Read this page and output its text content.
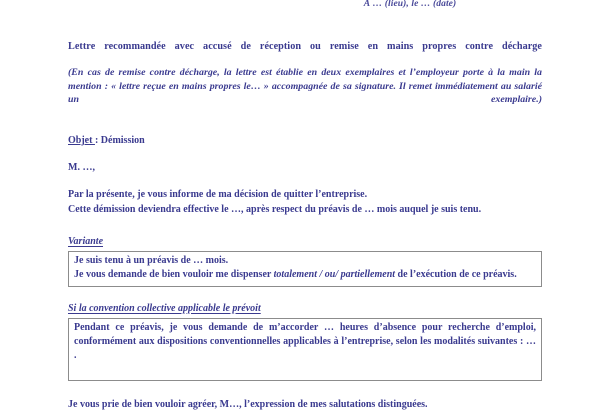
À … (lieu), le … (date)

Lettre recommandée avec accusé de réception ou remise en mains propres contre décharge

(En cas de remise contre décharge, la lettre est établie en deux exemplaires et l’employeur porte à la main la mention : « lettre reçue en mains propres le… » accompagnée de sa signature. Il remet immédiatement au salarié un exemplaire.)

Objet : Démission

M. …,

Par la présente, je vous informe de ma décision de quitter l’entreprise.

Cette démission deviendra effective le …, après respect du préavis de … mois auquel je suis tenu.

Variante

Je suis tenu à un préavis de … mois.

Je vous demande de bien vouloir me dispenser totalement / ou/ partiellement de l’exécution de ce préavis.

Si la convention collective applicable le prévoit

Pendant ce préavis, je vous demande de m’accorder … heures d’absence pour recherche d’emploi, conformément aux dispositions conventionnelles applicables à l’entreprise, selon les modalités suivantes : … .

Je vous prie de bien vouloir agréer, M…, l’expression de mes salutations distinguées.
